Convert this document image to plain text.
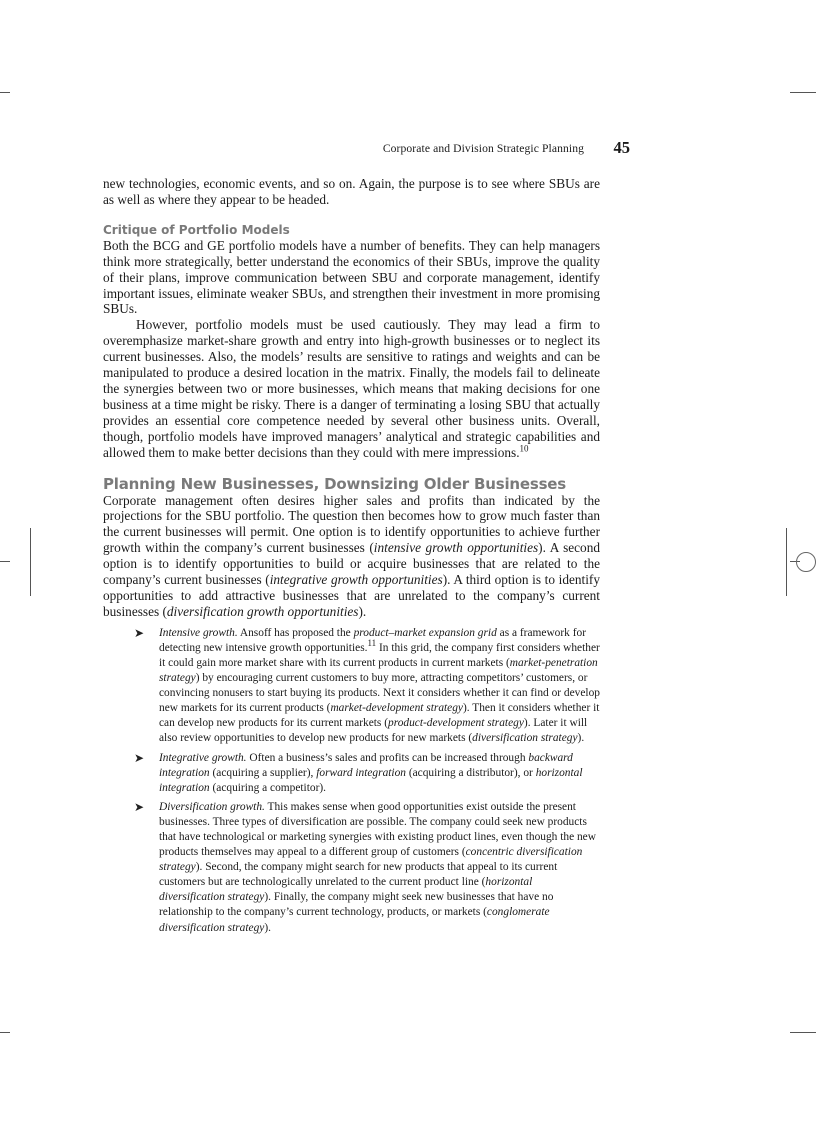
Corporate and Division Strategic Planning 45

new technologies, economic events, and so on. Again, the purpose is to see where SBUs are as well as where they appear to be headed.

Critique of Portfolio Models

Both the BCG and GE portfolio models have a number of benefits. They can help managers think more strategically, better understand the economics of their SBUs, improve the quality of their plans, improve communication between SBU and corporate management, identify important issues, eliminate weaker SBUs, and strengthen their investment in more promising SBUs.

However, portfolio models must be used cautiously. They may lead a firm to overemphasize market-share growth and entry into high-growth businesses or to neglect its current businesses. Also, the models’ results are sensitive to ratings and weights and can be manipulated to produce a desired location in the matrix. Finally, the models fail to delineate the synergies between two or more businesses, which means that making decisions for one business at a time might be risky. There is a danger of terminating a losing SBU that actually provides an essential core competence needed by several other business units. Overall, though, portfolio models have improved managers’ analytical and strategic capabilities and allowed them to make better decisions than they could with mere impressions.$^{10}$

Planning New Businesses, Downsizing Older Businesses

Corporate management often desires higher sales and profits than indicated by the projections for the SBU portfolio. The question then becomes how to grow much faster than the current businesses will permit. One option is to identify opportunities to achieve further growth within the company’s current businesses (intensive growth opportunities). A second option is to identify opportunities to build or acquire businesses that are related to the company’s current businesses (integrative growth opportunities). A third option is to identify opportunities to add attractive businesses that are unrelated to the company’s current businesses (diversification growth opportunities).

➤ Intensive growth. Ansoff has proposed the product–market expansion grid as a framework for detecting new intensive growth opportunities.$^{11}$ In this grid, the company first considers whether it could gain more market share with its current products in current markets (market-penetration strategy) by encouraging current customers to buy more, attracting competitors’ customers, or convincing nonusers to start buying its products. Next it considers whether it can find or develop new markets for its current products (market-development strategy). Then it considers whether it can develop new products for its current markets (product-development strategy). Later it will also review opportunities to develop new products for new markets (diversification strategy).
➤ Integrative growth. Often a business’s sales and profits can be increased through backward integration (acquiring a supplier), forward integration (acquiring a distributor), or horizontal integration (acquiring a competitor).
➤ Diversification growth. This makes sense when good opportunities exist outside the present businesses. Three types of diversification are possible. The company could seek new products that have technological or marketing synergies with existing product lines, even though the new products themselves may appeal to a different group of customers (concentric diversification strategy). Second, the company might search for new products that appeal to its current customers but are technologically unrelated to the current product line (horizontal diversification strategy). Finally, the company might seek new businesses that have no relationship to the company’s current technology, products, or markets (conglomerate diversification strategy).
